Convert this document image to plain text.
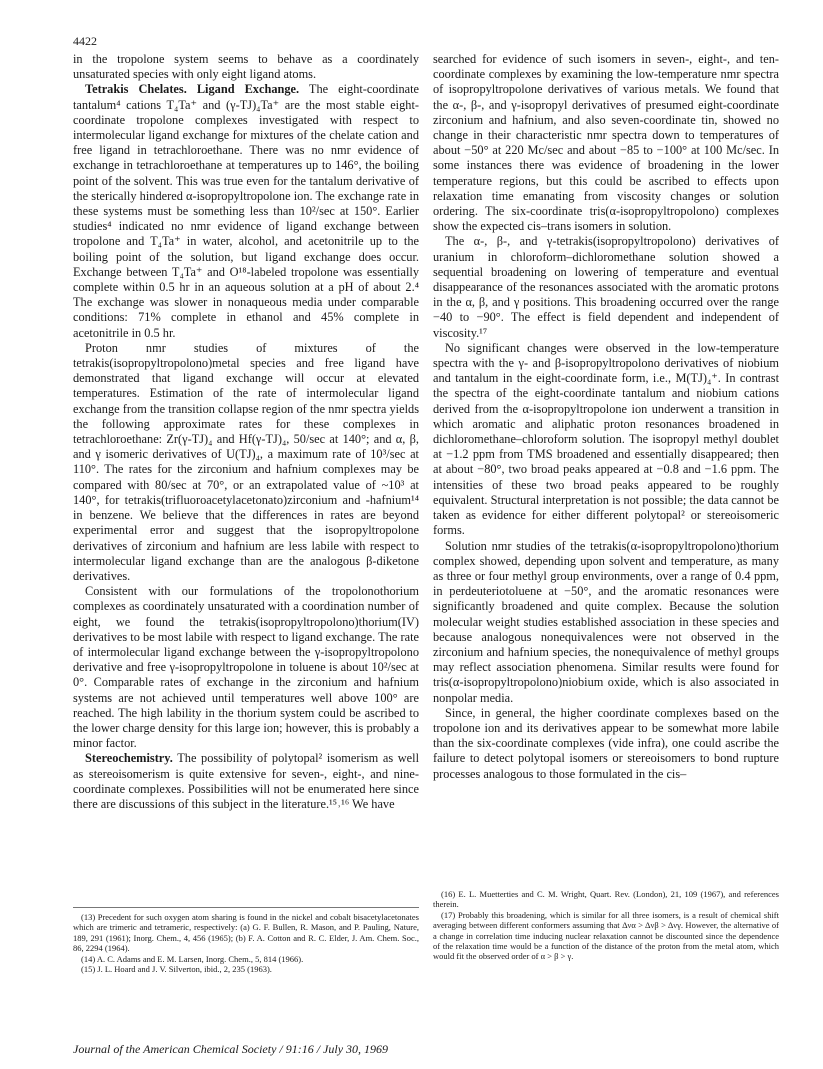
4422

in the tropolone system seems to behave as a coordinately unsaturated species with only eight ligand atoms.

Tetrakis Chelates. Ligand Exchange. The eight-coordinate tantalum⁴ cations T₄Ta⁺ and (γ-TJ)₄Ta⁺ are the most stable eight-coordinate tropolone complexes investigated with respect to intermolecular ligand exchange for mixtures of the chelate cation and free ligand in tetrachloroethane. There was no nmr evidence of exchange in tetrachloroethane at temperatures up to 146°, the boiling point of the solvent. This was true even for the tantalum derivative of the sterically hindered α-isopropyltropolone ion. The exchange rate in these systems must be something less than 10²/sec at 150°. Earlier studies⁴ indicated no nmr evidence of ligand exchange between tropolone and T₄Ta⁺ in water, alcohol, and acetonitrile up to the boiling point of the solution, but ligand exchange does occur. Exchange between T₄Ta⁺ and O¹⁸-labeled tropolone was essentially complete within 0.5 hr in an aqueous solution at a pH of about 2.⁴ The exchange was slower in nonaqueous media under comparable conditions: 71% complete in ethanol and 45% complete in acetonitrile in 0.5 hr.

Proton nmr studies of mixtures of the tetrakis(isopropyltropolono)metal species and free ligand have demonstrated that ligand exchange will occur at elevated temperatures. Estimation of the rate of intermolecular ligand exchange from the transition collapse region of the nmr spectra yields the following approximate rates for these complexes in tetrachloroethane: Zr(γ-TJ)₄ and Hf(γ-TJ)₄, 50/sec at 140°; and α, β, and γ isomeric derivatives of U(TJ)₄, a maximum rate of 10³/sec at 110°. The rates for the zirconium and hafnium complexes may be compared with 80/sec at 70°, or an extrapolated value of ~10³ at 140°, for tetrakis(trifluoroacetylacetonato)zirconium and -hafnium¹⁴ in benzene. We believe that the differences in rates are beyond experimental error and suggest that the isopropyltropolone derivatives of zirconium and hafnium are less labile with respect to intermolecular ligand exchange than are the analogous β-diketone derivatives.

Consistent with our formulations of the tropolonothorium complexes as coordinately unsaturated with a coordination number of eight, we found the tetrakis(isopropyltropolono)thorium(IV) derivatives to be most labile with respect to ligand exchange. The rate of intermolecular ligand exchange between the γ-isopropyltropolono derivative and free γ-isopropyltropolone in toluene is about 10²/sec at 0°. Comparable rates of exchange in the zirconium and hafnium systems are not achieved until temperatures well above 100° are reached. The high lability in the thorium system could be ascribed to the lower charge density for this large ion; however, this is probably a minor factor.

Stereochemistry. The possibility of polytopal² isomerism as well as stereoisomerism is quite extensive for seven-, eight-, and nine-coordinate complexes. Possibilities will not be enumerated here since there are discussions of this subject in the literature.¹⁵˒¹⁶ We have

searched for evidence of such isomers in seven-, eight-, and ten-coordinate complexes by examining the low-temperature nmr spectra of isopropyltropolone derivatives of various metals. We found that the α-, β-, and γ-isopropyl derivatives of presumed eight-coordinate zirconium and hafnium, and also seven-coordinate tin, showed no change in their characteristic nmr spectra down to temperatures of about −50° at 220 Mc/sec and about −85 to −100° at 100 Mc/sec. In some instances there was evidence of broadening in the lower temperature regions, but this could be ascribed to effects upon relaxation time emanating from viscosity changes or solution ordering. The six-coordinate tris(α-isopropyltropolono) complexes show the expected cis–trans isomers in solution.

The α-, β-, and γ-tetrakis(isopropyltropolono) derivatives of uranium in chloroform–dichloromethane solution showed a sequential broadening on lowering of temperature and eventual disappearance of the resonances associated with the aromatic protons in the α, β, and γ positions. This broadening occurred over the range −40 to −90°. The effect is field dependent and independent of viscosity.¹⁷

No significant changes were observed in the low-temperature spectra with the γ- and β-isopropyltropolono derivatives of niobium and tantalum in the eight-coordinate form, i.e., M(TJ)₄⁺. In contrast the spectra of the eight-coordinate tantalum and niobium cations derived from the α-isopropyltropolone ion underwent a transition in which aromatic and aliphatic proton resonances broadened in dichloromethane–chloroform solution. The isopropyl methyl doublet at −1.2 ppm from TMS broadened and essentially disappeared; then at about −80°, two broad peaks appeared at −0.8 and −1.6 ppm. The intensities of these two broad peaks appeared to be roughly equivalent. Structural interpretation is not possible; the data cannot be taken as evidence for either different polytopal² or stereoisomeric forms.

Solution nmr studies of the tetrakis(α-isopropyltropolono)thorium complex showed, depending upon solvent and temperature, as many as three or four methyl group environments, over a range of 0.4 ppm, in perdeuteriotoluene at −50°, and the aromatic resonances were significantly broadened and quite complex. Because the solution molecular weight studies established association in these species and because analogous nonequivalences were not observed in the zirconium and hafnium species, the nonequivalence of methyl groups may reflect association phenomena. Similar results were found for tris(α-isopropyltropolono)niobium oxide, which is also associated in nonpolar media.

Since, in general, the higher coordinate complexes based on the tropolone ion and its derivatives appear to be somewhat more labile than the six-coordinate complexes (vide infra), one could ascribe the failure to detect polytopal isomers or stereoisomers to bond rupture processes analogous to those formulated in the cis–

(13) Precedent for such oxygen atom sharing is found in the nickel and cobalt bisacetylacetonates which are trimeric and tetrameric, respectively: (a) G. F. Bullen, R. Mason, and P. Pauling, Nature, 189, 291 (1961); Inorg. Chem., 4, 456 (1965); (b) F. A. Cotton and R. C. Elder, J. Am. Chem. Soc., 86, 2294 (1964).

(14) A. C. Adams and E. M. Larsen, Inorg. Chem., 5, 814 (1966).

(15) J. L. Hoard and J. V. Silverton, ibid., 2, 235 (1963).

(16) E. L. Muetterties and C. M. Wright, Quart. Rev. (London), 21, 109 (1967), and references therein.

(17) Probably this broadening, which is similar for all three isomers, is a result of chemical shift averaging between different conformers assuming that Δνα > Δνβ > Δνγ. However, the alternative of a change in correlation time inducing nuclear relaxation cannot be discounted since the dependence of the relaxation time would be a function of the distance of the proton from the metal atom, which would fit the observed order of α > β > γ.

Journal of the American Chemical Society / 91:16 / July 30, 1969
